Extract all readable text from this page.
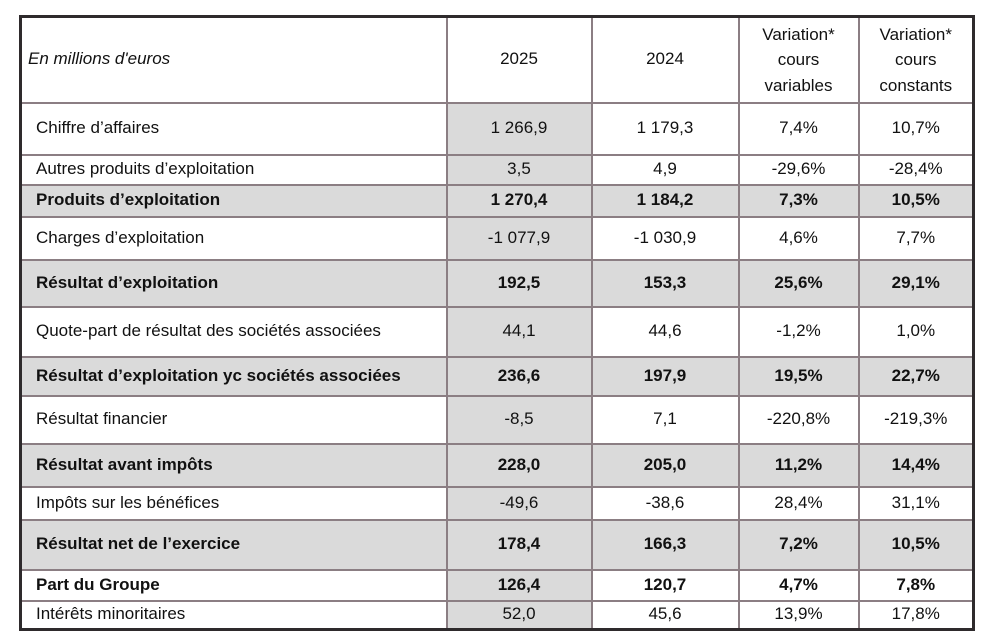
En millions d'euros	2025	2024	Variation* cours variables	Variation* cours constants
Chiffre d’affaires	1 266,9	1 179,3	7,4%	10,7%
Autres produits d’exploitation	3,5	4,9	-29,6%	-28,4%
Produits d’exploitation	1 270,4	1 184,2	7,3%	10,5%
Charges d’exploitation	-1 077,9	-1 030,9	4,6%	7,7%
Résultat d’exploitation	192,5	153,3	25,6%	29,1%
Quote-part de résultat des sociétés associées	44,1	44,6	-1,2%	1,0%
Résultat d’exploitation yc sociétés associées	236,6	197,9	19,5%	22,7%
Résultat financier	-8,5	7,1	-220,8%	-219,3%
Résultat avant impôts	228,0	205,0	11,2%	14,4%
Impôts sur les bénéfices	-49,6	-38,6	28,4%	31,1%
Résultat net de l’exercice	178,4	166,3	7,2%	10,5%
Part du Groupe	126,4	120,7	4,7%	7,8%
Intérêts minoritaires	52,0	45,6	13,9%	17,8%
